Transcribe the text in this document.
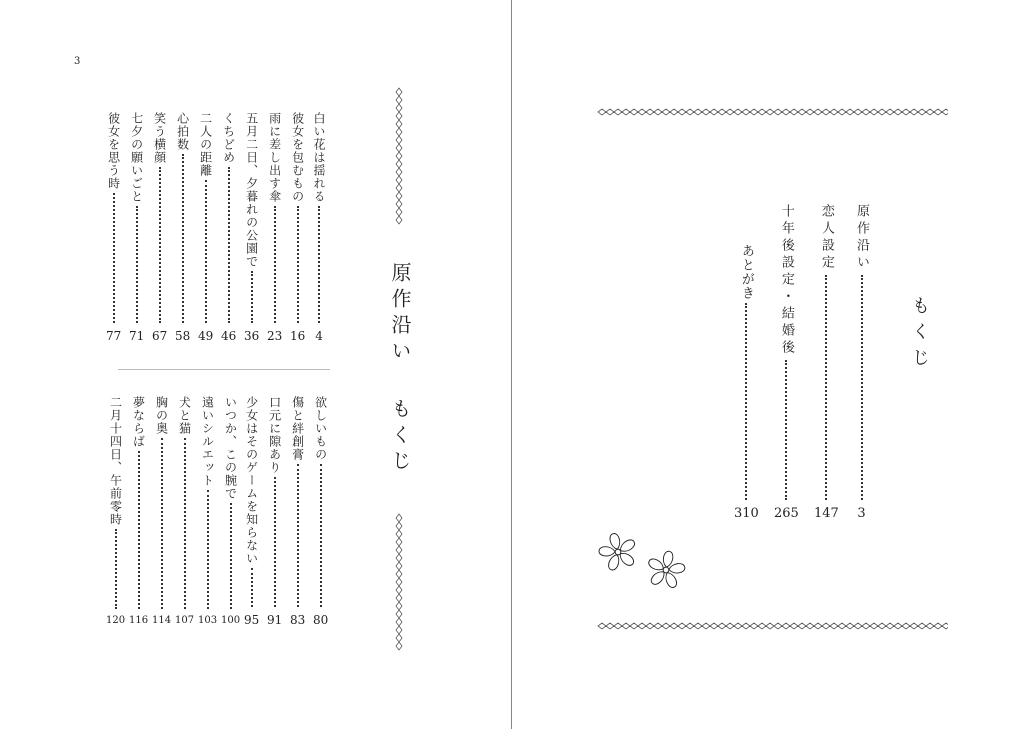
3
白い花は揺れる
4
彼女を包むもの
16
雨に差し出す傘
23
五月二日、夕暮れの公園で
36
くちどめ
46
二人の距離
49
心拍数
58
笑う横顔
67
七夕の願いごと
71
彼女を思う時
77
欲しいもの
80
傷と絆創膏
83
口元に隙あり
91
少女はそのゲームを知らない
95
いつか、この腕で
100
遠いシルエット
103
犬と猫
107
胸の奥
114
夢ならば
116
二月十四日、午前零時
120
原作沿い
もくじ
原作沿い
3
恋人設定
147
十年後設定・結婚後
265
あとがき
310
もくじ
